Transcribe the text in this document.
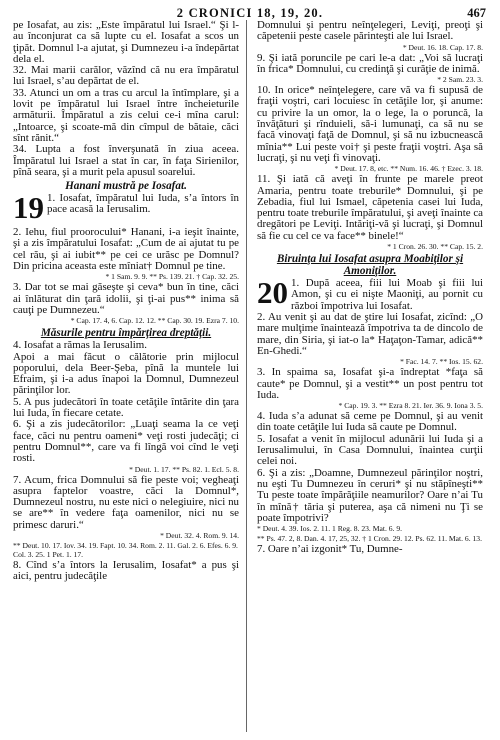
2 CRONICI 18, 19, 20.	467

pe Iosafat, au zis: „Este împăratul lui Israel.“ Şi l-au înconjurat ca să lupte cu el. Iosafat a scos un ţipăt. Domnul l-a ajutat, şi Dumnezeu i-a îndepărtat dela el.

32. Mai marii carălor, văzînd că nu era împăratul lui Israel, s’au depărtat de el.

33. Atunci un om a tras cu arcul la întîmplare, şi a lovit pe împăratul lui Israel între încheieturile armăturii. Împăratul a zis celui ce-i mîna carul: „Intoarce, şi scoate-mă din cîmpul de bătaie, căci sînt rănit.“

34. Lupta a fost înverşunată în ziua aceea. Împăratul lui Israel a stat în car, în faţa Sirienilor, pînă seara, şi a murit pela apusul soarelui.

Hanani mustră pe Iosafat.

19 1. Iosafat, împăratul lui Iuda, s’a întors în pace acasă la Ierusalim.

2. Iehu, fiul proorocului* Hanani, i-a ieşit înainte, şi a zis împăratului Iosafat: „Cum de ai ajutat tu pe cel rău, şi ai iubit** pe cei ce urăsc pe Domnul? Din pricina aceasta este mîniat† Domnul pe tine.

* 1 Sam. 9. 9. ** Ps. 139. 21. † Cap. 32. 25.

3. Dar tot se mai găseşte şi ceva* bun în tine, căci ai înlăturat din ţară idolii, şi ţi-ai pus** inima să cauţi pe Dumnezeu.“

* Cap. 17. 4, 6. Cap. 12. 12. ** Cap. 30. 19. Ezra 7. 10.

Măsurile pentru împărţirea dreptăţii.

4. Iosafat a rămas la Ierusalim.

Apoi a mai făcut o călătorie prin mijlocul poporului, dela Beer-Şeba, pînă la muntele lui Efraim, şi i-a adus înapoi la Domnul, Dumnezeul părinţilor lor.

5. A pus judecători în toate cetăţile întărite din ţara lui Iuda, în fiecare cetate.

6. Şi a zis judecătorilor: „Luaţi seama la ce veţi face, căci nu pentru oameni* veţi rosti judecăţi; ci pentru Domnul**, care va fi lîngă voi cînd le veţi rosti.

* Deut. 1. 17. ** Ps. 82. 1. Ecl. 5. 8.

7. Acum, frica Domnului să fie peste voi; vegheaţi asupra faptelor voastre, căci la Domnul*, Dumnezeul nostru, nu este nici o nelegiuire, nici nu se are** în vedere faţa oamenilor, nici nu se primesc daruri.“

* Deut. 32. 4. Rom. 9. 14.

** Deut. 10. 17. Iov. 34. 19. Fapt. 10. 34. Rom. 2. 11. Gal. 2. 6. Efes. 6. 9. Col. 3. 25. 1 Pet. 1. 17.

8. Cînd s’a întors la Ierusalim, Iosafat* a pus şi aici, pentru judecăţile

Domnului şi pentru neînţelegeri, Leviţi, preoţi şi căpetenii peste casele părinteşti ale lui Israel.

* Deut. 16. 18. Cap. 17. 8.

9. Şi iată poruncile pe cari le-a dat: „Voi să lucraţi în frica* Domnului, cu credinţă şi curăţie de inimă.

* 2 Sam. 23. 3.

10. In orice* neînţelegere, care vă va fi supusă de fraţii voştri, cari locuiesc în cetăţile lor, şi anume: cu privire la un omor, la o lege, la o poruncă, la învăţături şi rînduieli, să-i lumunaţi, ca să nu se facă vinovaţi faţă de Domnul, şi să nu izbucnească mînia** Lui peste voi† şi peste fraţii voştri. Aşa să lucraţi, şi nu veţi fi vinovaţi.

* Deut. 17. 8, etc. ** Num. 16. 46. † Ezec. 3. 18.

11. Şi iată că aveţi în frunte pe marele preot Amaria, pentru toate treburile* Domnului, şi pe Zebadia, fiul lui Ismael, căpetenia casei lui Iuda, pentru toate treburile împăratului, şi aveţi înainte ca dregători pe Leviţi. Intăriţi-vă şi lucraţi, şi Domnul să fie cu cel ce va face** binele!“

* 1 Cron. 26. 30. ** Cap. 15. 2.

Biruinţa lui Iosafat asupra Moabiţilor şi Amoniţilor.

20 1. După aceea, fiii lui Moab şi fiii lui Amon, şi cu ei nişte Maoniţi, au pornit cu război împotriva lui Iosafat.

2. Au venit şi au dat de ştire lui Iosafat, zicînd: „O mare mulţime înaintează împotriva ta de dincolo de mare, din Siria, şi iat-o la* Haţaţon-Tamar, adică** En-Ghedi.“

* Fac. 14. 7. ** Ios. 15. 62.

3. In spaima sa, Iosafat şi-a îndreptat *faţa să caute* pe Domnul, şi a vestit** un post pentru tot Iuda.

* Cap. 19. 3. ** Ezra 8. 21. Ier. 36. 9. Iona 3. 5.

4. Iuda s’a adunat să ceme pe Domnul, şi au venit din toate cetăţile lui Iuda să caute pe Domnul.

5. Iosafat a venit în mijlocul adunării lui Iuda şi a Ierusalimului, în Casa Domnului, înaintea curţii celei noi.

6. Şi a zis: „Doamne, Dumnezeul părinţilor noştri, nu eşti Tu Dumnezeu în ceruri* şi nu stăpîneşti** Tu peste toate împărăţiile neamurilor? Oare n’ai Tu în mînă† tăria şi puterea, aşa că nimeni nu Ţi se poate împotrivi?

* Deut. 4. 39. Ios. 2. 11. 1 Reg. 8. 23. Mat. 6. 9.

** Ps. 47. 2, 8. Dan. 4. 17, 25, 32. † 1 Cron. 29. 12. Ps. 62. 11. Mat. 6. 13.

7. Oare n’ai izgonit* Tu, Dumne-
